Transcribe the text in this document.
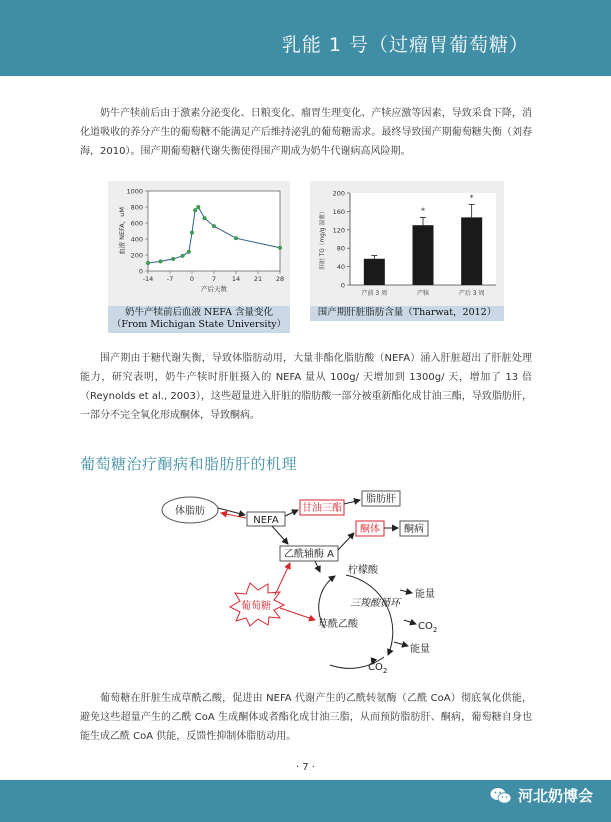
乳能 1 号（过瘤胃葡萄糖）

奶牛产犊前后由于激素分泌变化、日粮变化、瘤胃生理变化、产犊应激等因素，导致采食下降，消化道吸收的养分产生的葡萄糖不能满足产后维持泌乳的葡萄糖需求。最终导致围产期葡萄糖失衡（刘春海，2010）。围产期葡萄糖代谢失衡使得围产期成为奶牛代谢病高风险期。

0
200
400
600
800
1000
-14 -7	0	7 14 21 28
产后天数
血液 NEFA，uM
奶牛产犊前后血液 NEFA 含量变化（From Michigan State University）
0
40
80
120
160
200
肝脏 TG（mg/g 湿重）
产前 3 周
*
产犊
*
产后 3 周
围产期肝脏脂肪含量（Tharwat，2012）

围产期由于糖代谢失衡，导致体脂肪动用，大量非酯化脂肪酸（NEFA）涌入肝脏超出了肝脏处理能力，研究表明，奶牛产犊时肝脏摄入的 NEFA 量从 100g/ 天增加到 1300g/ 天，增加了 13 倍（Reynolds et al., 2003），这些超量进入肝脏的脂肪酸一部分被重新酯化成甘油三酯，导致脂肪肝，一部分不完全氧化形成酮体，导致酮病。

葡萄糖治疗酮病和脂肪肝的机理
体脂肪
NEFA
甘油三酯
脂肪肝
酮体 酮病
乙酰辅酶 A
柠檬酸
三羧酸循环
草酰乙酸
能量
$CO_2$
能量
$CO_2$
葡萄糖

葡萄糖在肝脏生成草酰乙酸，促进由 NEFA 代谢产生的乙酰转氨酶（乙酰 CoA）彻底氧化供能，避免这些超量产生的乙酰 CoA 生成酮体或者酯化成甘油三脂，从而预防脂肪肝、酮病，葡萄糖自身也能生成乙酰 CoA 供能，反馈性抑制体脂肪动用。

· 7 ·
河北奶博会
